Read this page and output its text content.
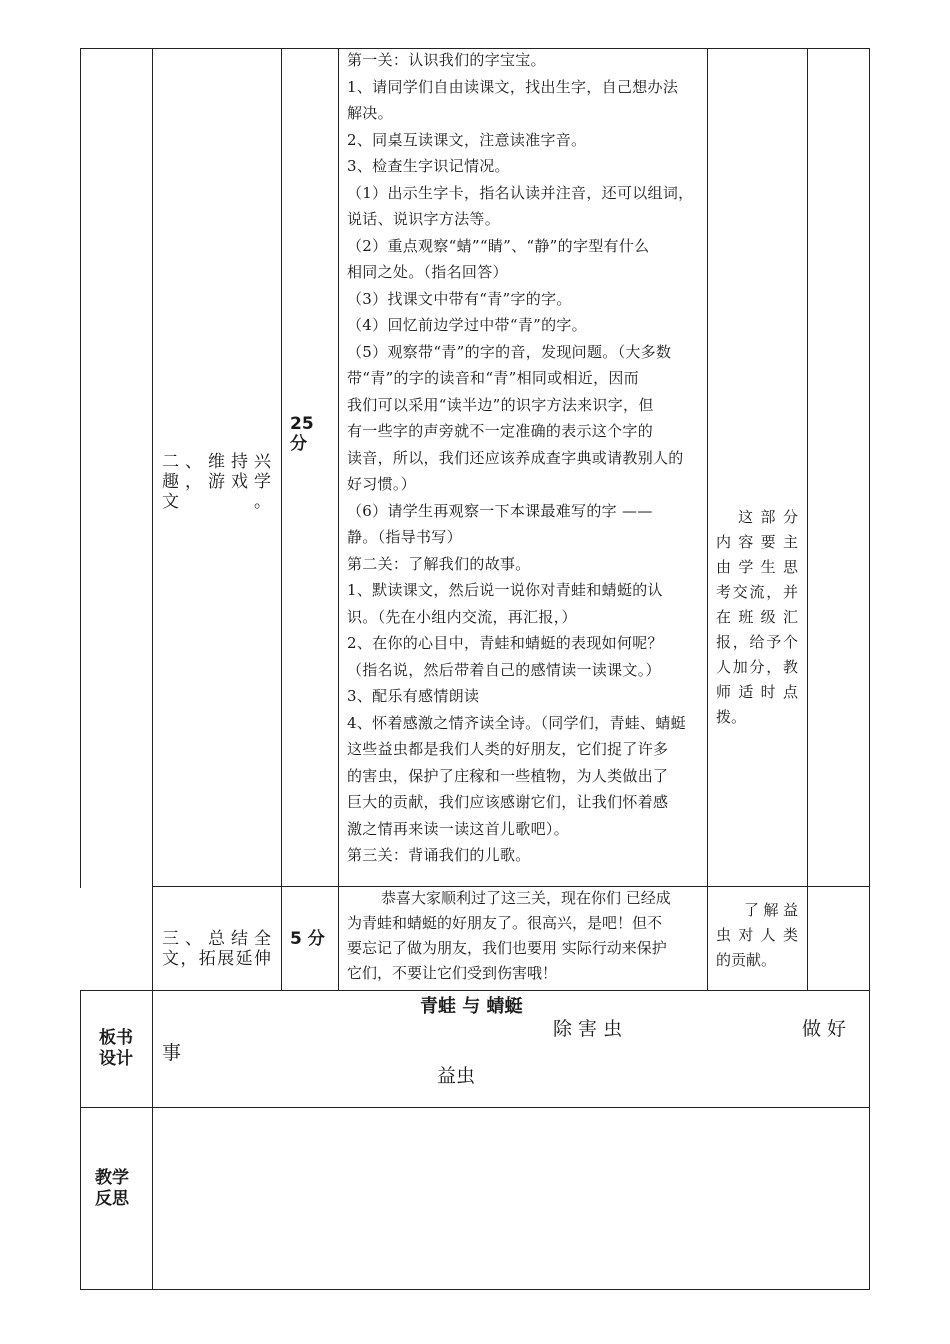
二、维持兴趣，游戏学文。
25
分

第一关：认识我们的字宝宝。

1、请同学们自由读课文，找出生字，自己想办法

解决。

2、同桌互读课文，注意读准字音。

3、检查生字识记情况。

（1）出示生字卡，指名认读并注音，还可以组词，

说话、说识字方法等。

（2）重点观察“蜻”“睛”、“静”的字型有什么

相同之处。（指名回答）

（3）找课文中带有“青”字的字。

（4）回忆前边学过中带“青”的字。

（5）观察带“青”的字的音，发现问题。（大多数

带“青”的字的读音和“青”相同或相近，因而

我们可以采用“读半边”的识字方法来识字，但

有一些字的声旁就不一定准确的表示这个字的

读音，所以，我们还应该养成查字典或请教别人的

好习惯。）

（6）请学生再观察一下本课最难写的字 ——

静。（指导书写）

第二关：了解我们的故事。

1、默读课文，然后说一说你对青蛙和蜻蜓的认

识。（先在小组内交流，再汇报，）

2、在你的心目中，青蛙和蜻蜓的表现如何呢？

（指名说，然后带着自己的感情读一读课文。）

3、配乐有感情朗读

4、怀着感激之情齐读全诗。（同学们，青蛙、蜻蜓

这些益虫都是我们人类的好朋友，它们捉了许多

的害虫，保护了庄稼和一些植物，为人类做出了

巨大的贡献，我们应该感谢它们，让我们怀着感

激之情再来读一读这首儿歌吧）。

第三关：背诵我们的儿歌。

这部分
内容要主
由学生思
考交流，并
在班级汇
报，给予个
人加分，教
师适时点
拨。
三、总结全文，拓展延伸
5 分

恭喜大家顺利过了这三关，现在你们 已经成

为青蛙和蜻蜓的好朋友了。很高兴，是吧！但不

要忘记了做为朋友，我们也要用 实际行动来保护

它们，不要让它们受到伤害哦！

了解益
虫对人类
的贡献。
板书设计
青蛙 与 蜻蜓
除 害 虫	做 好
事
益虫
教学反思
